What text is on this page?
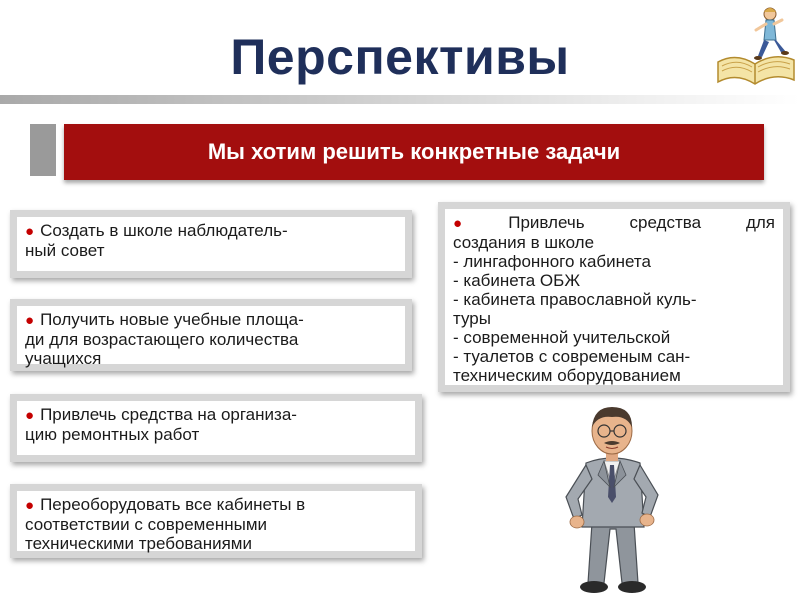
Перспективы
Мы хотим решить конкретные задачи
● Создать в школе наблюдатель-
ный совет
● Получить новые учебные площа-
ди для возрастающего количества
учащихся
● Привлечь средства на организа-
цию ремонтных работ
● Переоборудовать все кабинеты в
соответствии с современными
техническими требованиями
● Привлечь средства для
создания в школе
- лингафонного кабинета
- кабинета ОБЖ
- кабинета православной куль-
туры
- современной учительской
- туалетов с современым сан-
техническим оборудованием
